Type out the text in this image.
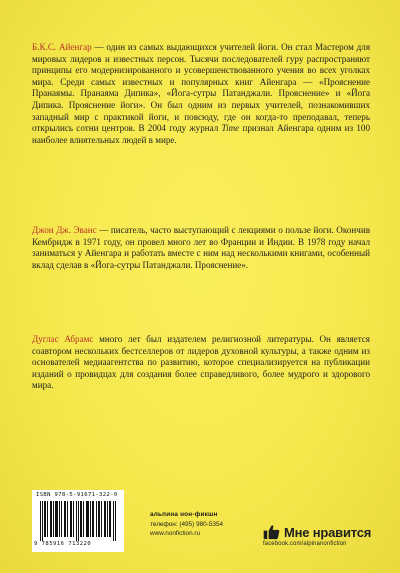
Б.К.С. Айенгар — один из самых выдающихся учителей йоги. Он стал Мастером для мировых лидеров и известных персон. Тысячи последователей гуру распространяют принципы его модернизированного и усовершенствованного учения во всех уголках мира. Среди самых известных и популярных книг Айенгара — «Прояснение Пранаямы. Пранаяма Дипика», «Йога-сутры Патанджали. Прояснение» и «Йога Дипика. Прояснение йоги». Он был одним из первых учителей, познакомивших западный мир с практикой йоги, и повсюду, где он когда-то преподавал, теперь открылись сотни центров. В 2004 году журнал Time признал Айенгара одним из 100 наиболее влиятельных людей в мире.

Джон Дж. Эванс — писатель, часто выступающий с лекциями о пользе йоги. Окончив Кембридж в 1971 году, он провел много лет во Франции и Индии. В 1978 году начал заниматься у Айенгара и работать вместе с ним над несколькими книгами, особенный вклад сделав в «Йога-сутры Патанджали. Прояснение».

Дуглас Абрамс много лет был издателем религиозной литературы. Он является соавтором нескольких бестселлеров от лидеров духовной культуры, а также одним из основателей медиаагентства по развитию, которое специализируется на публикации изданий о провидцах для создания более справедливого, более мудрого и здорового мира.

ISBN 978-5-91671-322-0
9 785916 713220
альпина нон-фикшн
телефон: (495) 980-5354
www.nonfiction.ru	Мне нравится
facebook.com/alpinanonfiction
